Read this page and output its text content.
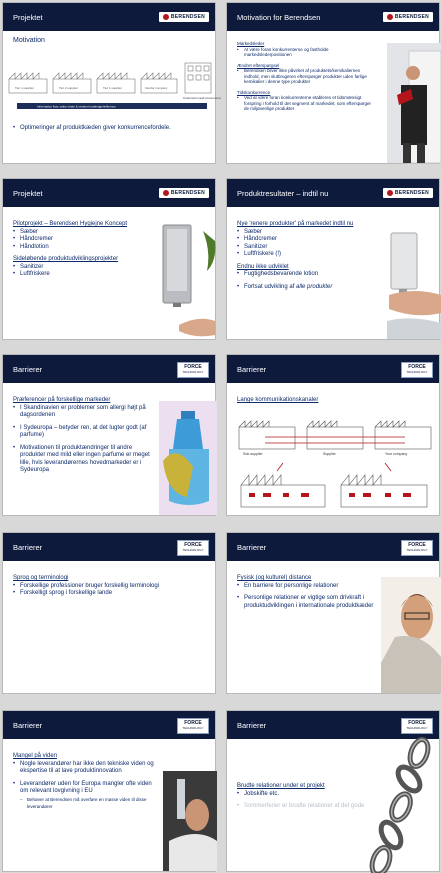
Projektet	BERENDSEN
Motivation
Tier n supplier	Tier 2 supplier	Tier 1 supplier	Vendor company
Customers (and consumers)
Information flow, value chain & vendor knowledge/influence
• Optimeringer af produktkæden giver konkurrencefordele.
Motivation for Berendsen	BERENDSEN
Markedsleder
• At være foran konkurrenterne og fastholde markedslederpositionen
Ændret efterspørgsel
• Berendsen bliver ikke påvirket af produktets/kemikaliernes indhold, men slutbrugeren efterspørger produkter uden farlige kemikalier i denne type produkter
Tidskonkurrence
• Ved at være foran konkurrenterne etableres et tidsmæssigt forspring i forhold til det segment af markedet, som efterspørger de miljøvenlige produkter
Projektet	BERENDSEN
Pilotprojekt – Berendsen Hygiejne Koncept
• Sæber
• Håndcremer
• Håndlotion
Sideløbende produktudviklingsprojekter
• Sanitizer
• Luftfriskere
Produktresultater – indtil nu	BERENDSEN
Nye 'renere produkter' på markedet indtil nu
• Sæber
• Håndcremer
• Sanitizer
• Luftfriskere (!)
Endnu ikke udviklet
• Fugtighedsbevarende lotion
• Fortsat udvikling af alle produkter
Barrierer	FORCE
TECHNOLOGY
Præferencer på forskellige markeder
• I Skandinavien er problemer som allergi højt på dagsordenen
• I Sydeuropa – betyder ren, at det lugter godt (af parfume)
• Motivationen til produktændringer til andre produkter med mild eller ingen parfume er meget lille, hvis leverandørernes hovedmarkeder er i Sydeuropa
Barrierer	FORCE
TECHNOLOGY
Lange kommunikationskanaler
Sub-supplier	Supplier	Your company
Barrierer	FORCE
TECHNOLOGY
Sprog og terminologi
• Forskellige professioner bruger forskellig terminologi
• Forskelligt sprog i forskellige lande
Barrierer	FORCE
TECHNOLOGY
Fysisk (og kulturel) distance
• En barriere for personlige relationer
• Personlige relationer er vigtige som drivkraft i produktudviklingen i internationale produktkæder
Barrierer	FORCE
TECHNOLOGY
Mangel på viden
• Nogle leverandører har ikke den tekniske viden og ekspertise til at lave produktinnovation
• Leverandører uden for Europa mangler ofte viden om relevant lovgivning i EU
– Behøver at Berendsen må overføre en masse viden til disse leverandører
Barrierer	FORCE
TECHNOLOGY
Brudte relationer under et projekt
• Jobskifte etc.
• Sommerferier er brudte relationer af det gode
